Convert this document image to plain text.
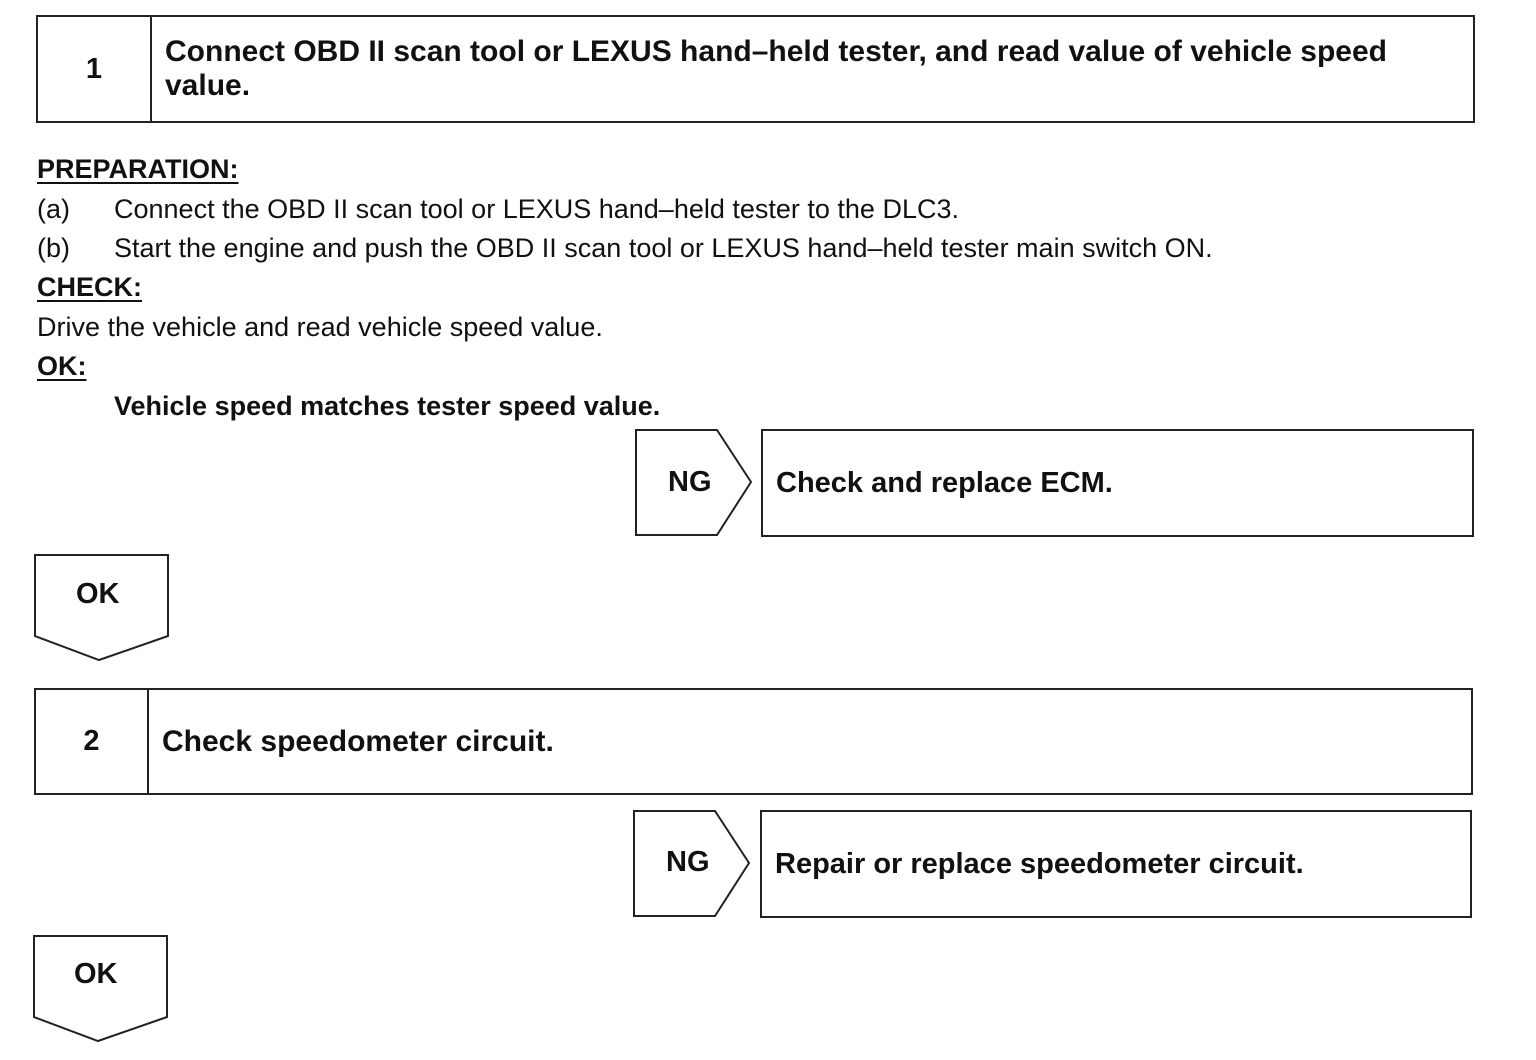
1
Connect OBD II scan tool or LEXUS hand–held tester, and read value of vehicle speed value.
PREPARATION:
(a) Connect the OBD II scan tool or LEXUS hand–held tester to the DLC3.
(b) Start the engine and push the OBD II scan tool or LEXUS hand–held tester main switch ON.
CHECK:
Drive the vehicle and read vehicle speed value.
OK:
Vehicle speed matches tester speed value.
NG Check and replace ECM.
OK
2	Check speedometer circuit.
NG Repair or replace speedometer circuit.
OK
